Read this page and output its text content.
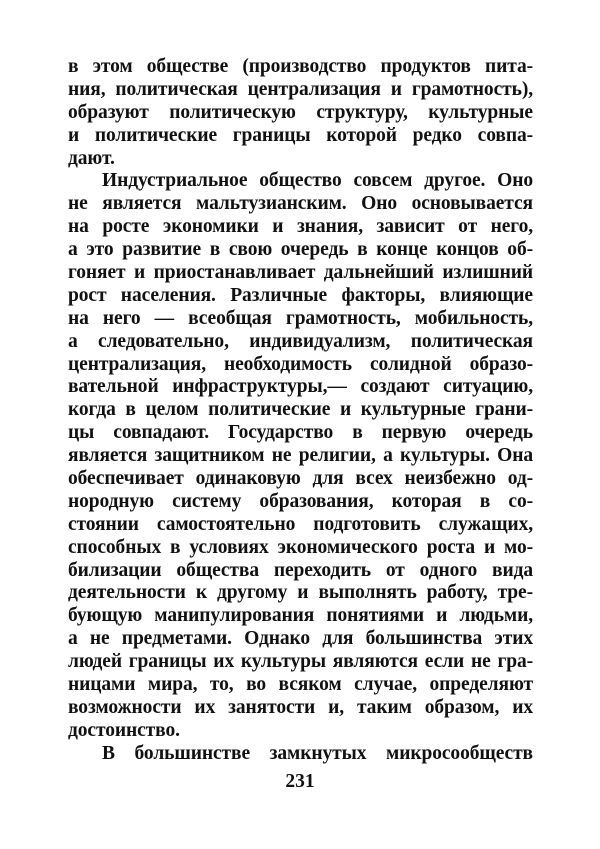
в этом обществе (производство продуктов пита-
ния, политическая централизация и грамотность),
образуют политическую структуру, культурные
и политические границы которой редко совпа-
дают.
Индустриальное общество совсем другое. Оно
не является мальтузианским. Оно основывается
на росте экономики и знания, зависит от него,
а это развитие в свою очередь в конце концов об-
гоняет и приостанавливает дальнейший излишний
рост населения. Различные факторы, влияющие
на него — всеобщая грамотность, мобильность,
а следовательно, индивидуализм, политическая
централизация, необходимость солидной образо-
вательной инфраструктуры,— создают ситуацию,
когда в целом политические и культурные грани-
цы совпадают. Государство в первую очередь
является защитником не религии, а культуры. Она
обеспечивает одинаковую для всех неизбежно од-
нородную систему образования, которая в со-
стоянии самостоятельно подготовить служащих,
способных в условиях экономического роста и мо-
билизации общества переходить от одного вида
деятельности к другому и выполнять работу, тре-
бующую манипулирования понятиями и людьми,
а не предметами. Однако для большинства этих
людей границы их культуры являются если не гра-
ницами мира, то, во всяком случае, определяют
возможности их занятости и, таким образом, их
достоинство.
В большинстве замкнутых микросообществ
231
